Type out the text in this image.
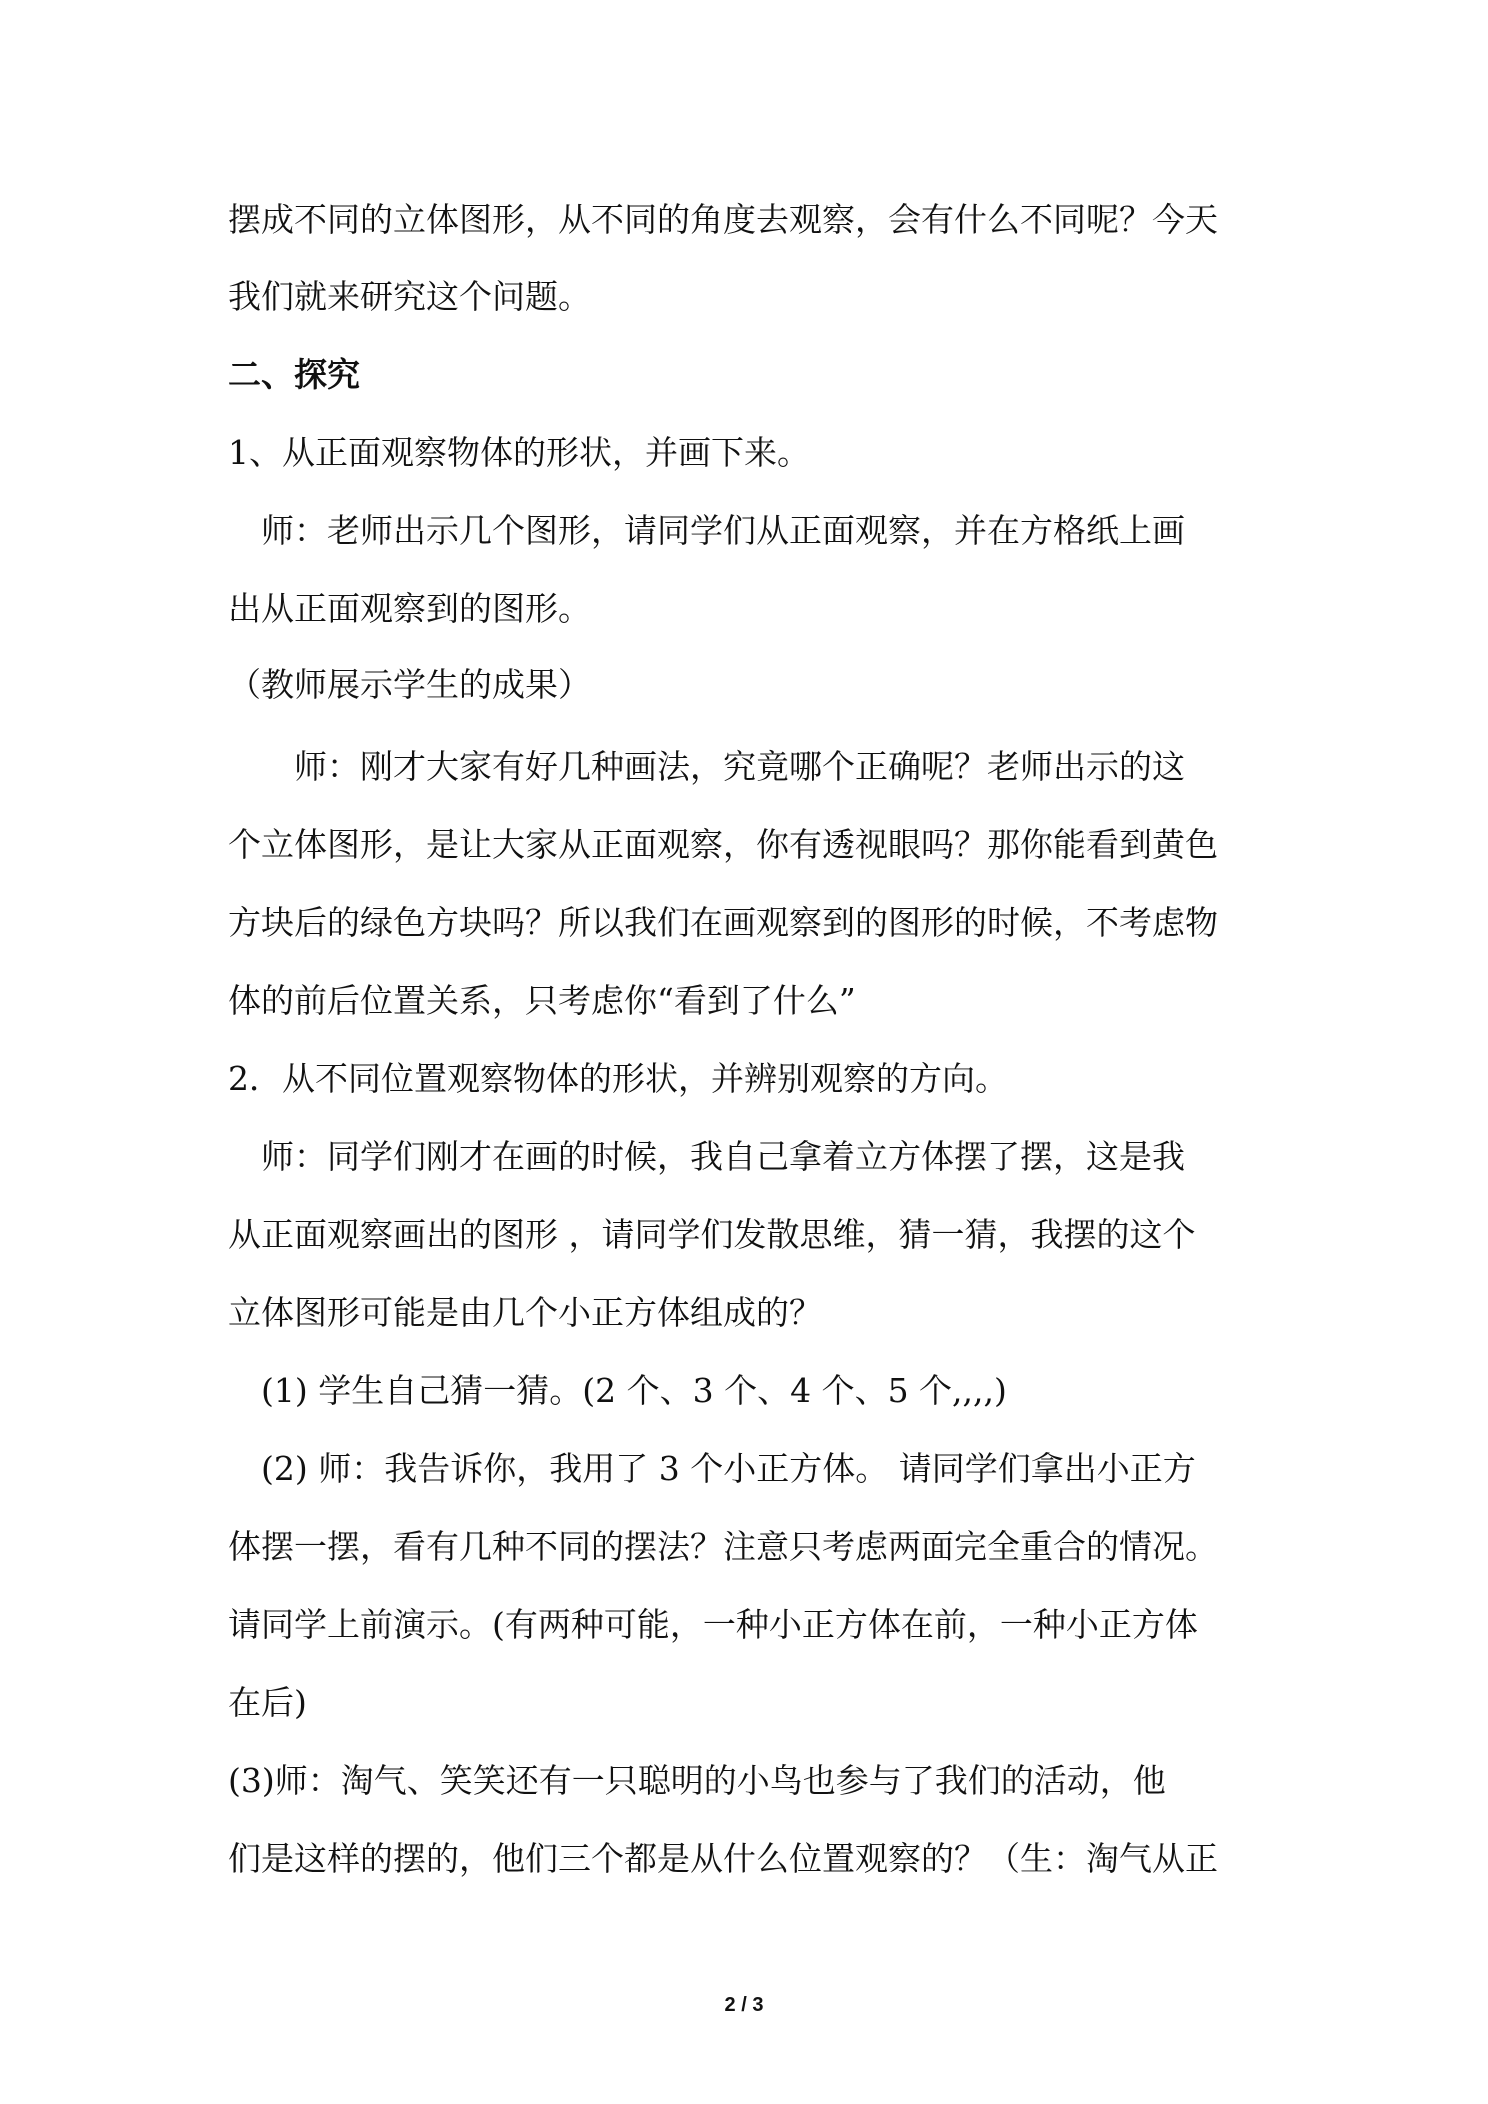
摆成不同的立体图形，从不同的角度去观察，会有什么不同呢？今天
我们就来研究这个问题。
二、探究
1、从正面观察物体的形状，并画下来。
　师：老师出示几个图形，请同学们从正面观察，并在方格纸上画
出从正面观察到的图形。
（教师展示学生的成果）
　　师：刚才大家有好几种画法，究竟哪个正确呢？老师出示的这
个立体图形，是让大家从正面观察，你有透视眼吗？那你能看到黄色
方块后的绿色方块吗？所以我们在画观察到的图形的时候，不考虑物
体的前后位置关系，只考虑你“看到了什么”
2．从不同位置观察物体的形状，并辨别观察的方向。
　师：同学们刚才在画的时候，我自己拿着立方体摆了摆，这是我
从正面观察画出的图形 ，请同学们发散思维，猜一猜，我摆的这个
立体图形可能是由几个小正方体组成的？
　(1) 学生自己猜一猜。(2 个、3 个、4 个、5 个,,,,)
　(2) 师：我告诉你，我用了 3 个小正方体。 请同学们拿出小正方
体摆一摆，看有几种不同的摆法？注意只考虑两面完全重合的情况。
请同学上前演示。(有两种可能，一种小正方体在前，一种小正方体
在后)
(3)师：淘气、笑笑还有一只聪明的小鸟也参与了我们的活动，他
们是这样的摆的，他们三个都是从什么位置观察的？（生：淘气从正
2 / 3
